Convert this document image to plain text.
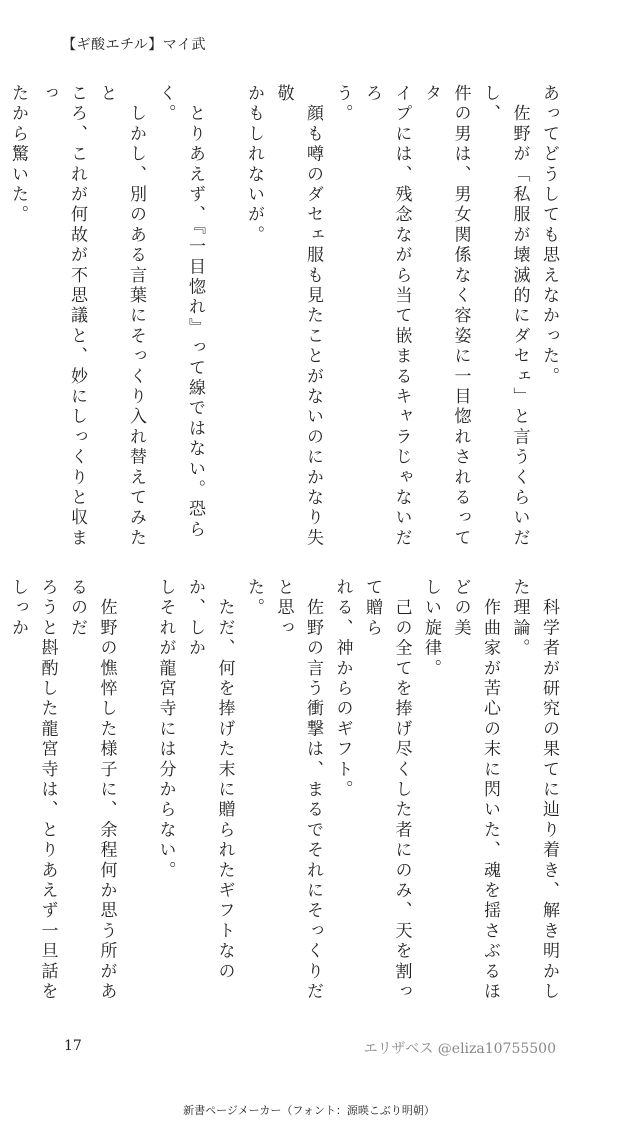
【ギ酸エチル】マイ武

あってどうしても思えなかった。

　佐野が「私服が壊滅的にダセェ」と言うくらいだし、

件の男は、男女関係なく容姿に一目惚れされるってタ

イプには、残念ながら当て嵌まるキャラじゃないだろ

う。

　顔も噂のダセェ服も見たことがないのにかなり失敬

かもしれないが。

　とりあえず、『一目惚れ』って線ではない。恐らく。

　しかし、別のある言葉にそっくり入れ替えてみたと

ころ、これが何故が不思議と、妙にしっくりと収まっ

たから驚いた。

　科学者が研究の果てに辿り着き、解き明かした理論。

　作曲家が苦心の末に閃いた、魂を揺さぶるほどの美

しい旋律。

　己の全てを捧げ尽くした者にのみ、天を割って贈ら

れる、神からのギフト。

　佐野の言う衝撃は、まるでそれにそっくりだと思っ

た。

　ただ、何を捧げた末に贈られたギフトなのか、しか

しそれが龍宮寺には分からない。

　佐野の憔悴した様子に、余程何か思う所があるのだ

ろうと斟酌した龍宮寺は、とりあえず一旦話をしっか

17	エリザベス @eliza10755500
新書ページメーカー（フォント：源暎こぶり明朝）
